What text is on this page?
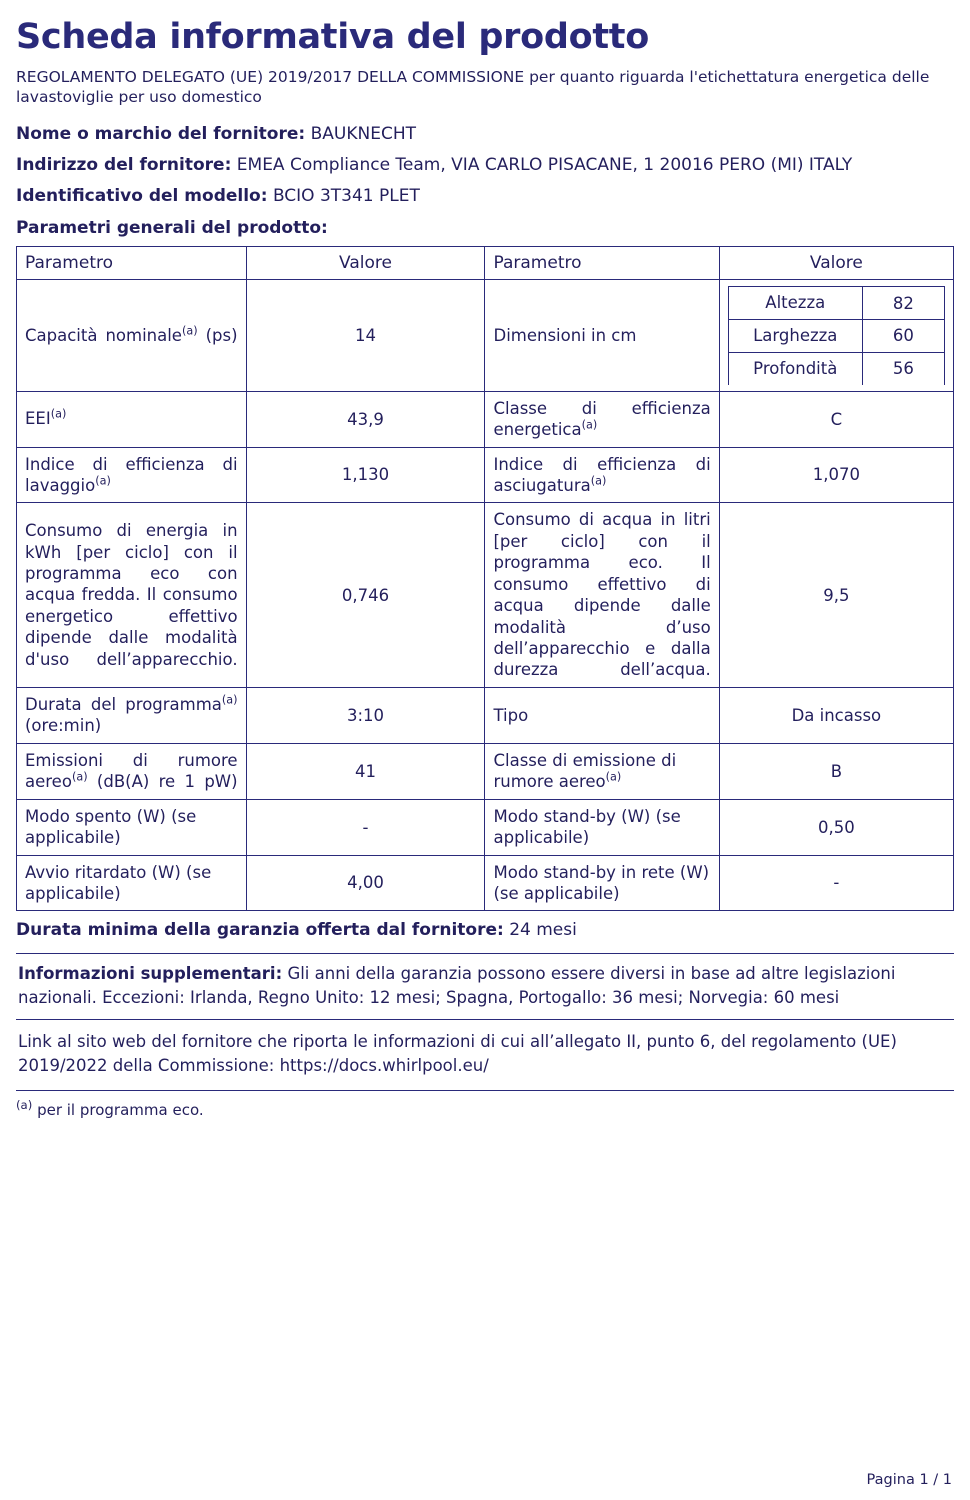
Scheda informativa del prodotto
REGOLAMENTO DELEGATO (UE) 2019/2017 DELLA COMMISSIONE per quanto riguarda l'etichettatura energetica delle lavastoviglie per uso domestico
Nome o marchio del fornitore: BAUKNECHT
Indirizzo del fornitore: EMEA Compliance Team, VIA CARLO PISACANE, 1 20016 PERO (MI) ITALY
Identificativo del modello: BCIO 3T341 PLET
Parametri generali del prodotto:
Parametro	Valore	Parametro	Valore
Capacità nominale$^{(a)}$ (ps)	14	Dimensioni in cm	
Altezza	82
Larghezza	60
Profondità	56

EEI$^{(a)}$	43,9	Classe di efficienza energetica$^{(a)}$	C
Indice di efficienza di lavaggio$^{(a)}$	1,130	Indice di efficienza di asciugatura$^{(a)}$	1,070
Consumo di energia in kWh [per ciclo] con il programma eco con acqua fredda. Il consumo energetico effettivo dipende dalle modalità d'uso dell’apparecchio.	0,746	Consumo di acqua in litri [per ciclo] con il programma eco. Il consumo effettivo di acqua dipende dalle modalità d’uso dell’apparecchio e dalla durezza dell’acqua.	9,5
Durata del programma$^{(a)}$ (ore:min)	3:10	Tipo	Da incasso
Emissioni di rumore aereo$^{(a)}$ (dB(A) re 1 pW)	41	Classe di emissione di rumore aereo$^{(a)}$	B
Modo spento (W) (se applicabile)	-	Modo stand-by (W) (se applicabile)	0,50
Avvio ritardato (W) (se applicabile)	4,00	Modo stand-by in rete (W) (se applicabile)	-
Durata minima della garanzia offerta dal fornitore: 24 mesi
Informazioni supplementari: Gli anni della garanzia possono essere diversi in base ad altre legislazioni nazionali. Eccezioni: Irlanda, Regno Unito: 12 mesi; Spagna, Portogallo: 36 mesi; Norvegia: 60 mesi
Link al sito web del fornitore che riporta le informazioni di cui all’allegato II, punto 6, del regolamento (UE) 2019/2022 della Commissione: https://docs.whirlpool.eu/
$^{(a)}$ per il programma eco.
Pagina 1 / 1
